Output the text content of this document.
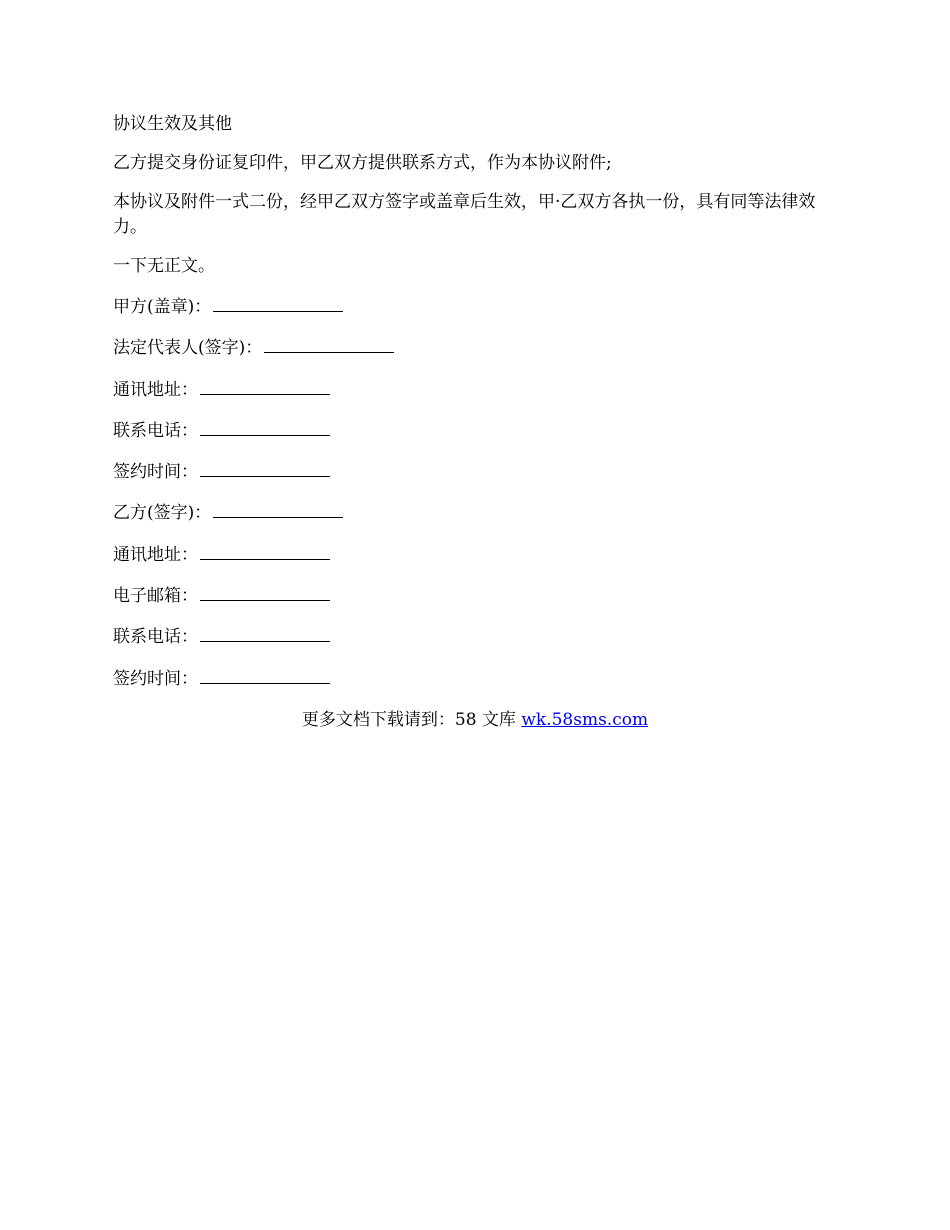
协议生效及其他

乙方提交身份证复印件，甲乙双方提供联系方式，作为本协议附件;

本协议及附件一式二份，经甲乙双方签字或盖章后生效，甲·乙双方各执一份，具有同等法律效力。

一下无正文。

甲方(盖章)：
法定代表人(签字)：
通讯地址：
联系电话：
签约时间：
乙方(签字)：
通讯地址：
电子邮箱：
联系电话：
签约时间：
更多文档下载请到：58 文库 wk.58sms.com
